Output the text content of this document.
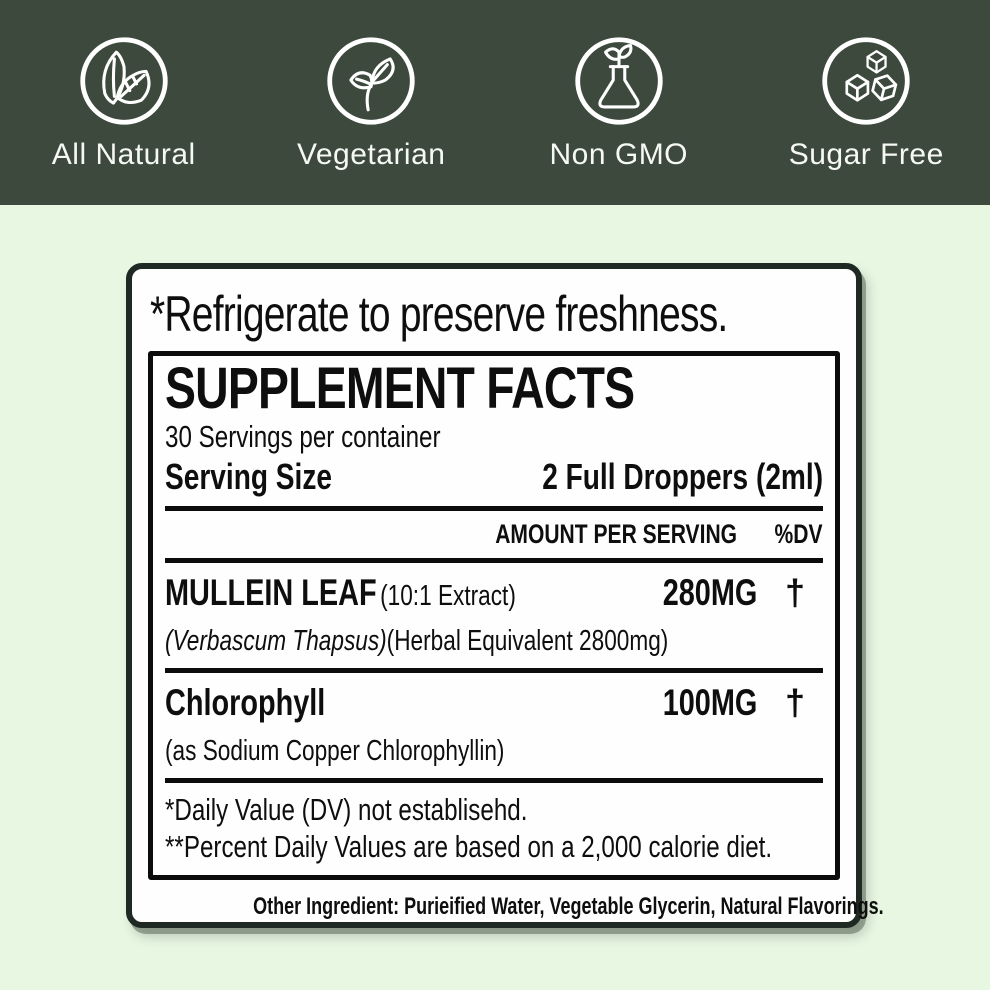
All Natural	Vegetarian	Non GMO	Sugar Free
*Refrigerate to preserve freshness.
SUPPLEMENT FACTS
30 Servings per container
Serving Size	2 Full Droppers (2ml)
AMOUNT PER SERVING %DV
MULLEIN LEAF (10:1 Extract)	280MG †
(Verbascum Thapsus)(Herbal Equivalent 2800mg)
Chlorophyll	100MG †
(as Sodium Copper Chlorophyllin)
*Daily Value (DV) not establisehd.
**Percent Daily Values are based on a 2,000 calorie diet.
Other Ingredient: Purieified Water, Vegetable Glycerin, Natural Flavorings.
